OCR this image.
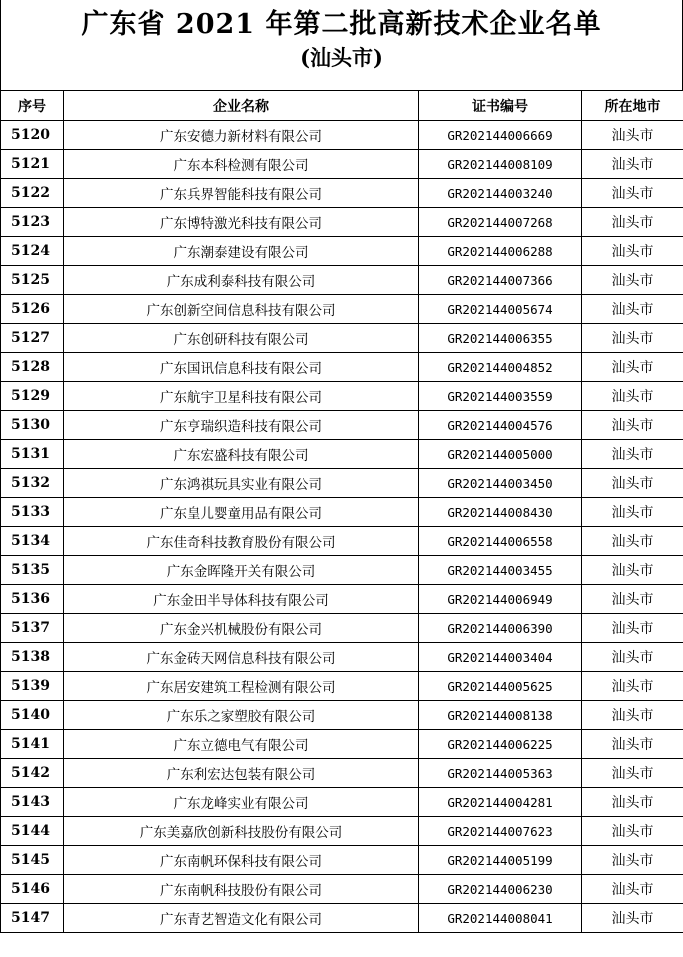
广东省 2021 年第二批高新技术企业名单
(汕头市)
序号	企业名称	证书编号	所在地市
5120	广东安德力新材料有限公司	GR202144006669	汕头市
5121	广东本科检测有限公司	GR202144008109	汕头市
5122	广东兵界智能科技有限公司	GR202144003240	汕头市
5123	广东博特激光科技有限公司	GR202144007268	汕头市
5124	广东潮泰建设有限公司	GR202144006288	汕头市
5125	广东成利泰科技有限公司	GR202144007366	汕头市
5126	广东创新空间信息科技有限公司	GR202144005674	汕头市
5127	广东创研科技有限公司	GR202144006355	汕头市
5128	广东国讯信息科技有限公司	GR202144004852	汕头市
5129	广东航宇卫星科技有限公司	GR202144003559	汕头市
5130	广东亨瑞织造科技有限公司	GR202144004576	汕头市
5131	广东宏盛科技有限公司	GR202144005000	汕头市
5132	广东鸿祺玩具实业有限公司	GR202144003450	汕头市
5133	广东皇儿婴童用品有限公司	GR202144008430	汕头市
5134	广东佳奇科技教育股份有限公司	GR202144006558	汕头市
5135	广东金晖隆开关有限公司	GR202144003455	汕头市
5136	广东金田半导体科技有限公司	GR202144006949	汕头市
5137	广东金兴机械股份有限公司	GR202144006390	汕头市
5138	广东金砖天网信息科技有限公司	GR202144003404	汕头市
5139	广东居安建筑工程检测有限公司	GR202144005625	汕头市
5140	广东乐之家塑胶有限公司	GR202144008138	汕头市
5141	广东立德电气有限公司	GR202144006225	汕头市
5142	广东利宏达包装有限公司	GR202144005363	汕头市
5143	广东龙峰实业有限公司	GR202144004281	汕头市
5144	广东美嘉欣创新科技股份有限公司	GR202144007623	汕头市
5145	广东南帆环保科技有限公司	GR202144005199	汕头市
5146	广东南帆科技股份有限公司	GR202144006230	汕头市
5147	广东青艺智造文化有限公司	GR202144008041	汕头市
